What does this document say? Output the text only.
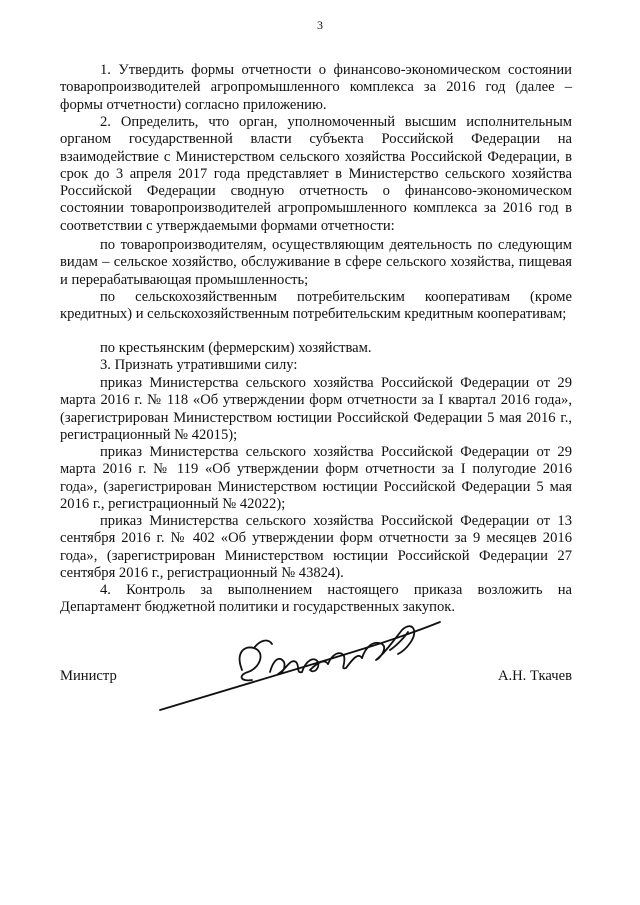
3
1. Утвердить формы отчетности о финансово-экономическом состоянии товаропроизводителей агропромышленного комплекса за 2016 год (далее – формы отчетности) согласно приложению.
2. Определить, что орган, уполномоченный высшим исполнительным органом государственной власти субъекта Российской Федерации на взаимодействие с Министерством сельского хозяйства Российской Федерации, в срок до 3 апреля 2017 года представляет в Министерство сельского хозяйства Российской Федерации сводную отчетность о финансово-экономическом состоянии товаропроизводителей агропромышленного комплекса за 2016 год в соответствии с утверждаемыми формами отчетности:
по товаропроизводителям, осуществляющим деятельность по следующим видам – сельское хозяйство, обслуживание в сфере сельского хозяйства, пищевая и перерабатывающая промышленность;
по сельскохозяйственным потребительским кооперативам (кроме кредитных) и сельскохозяйственным потребительским кредитным кооперативам;
по крестьянским (фермерским) хозяйствам.
3. Признать утратившими силу:
приказ Министерства сельского хозяйства Российской Федерации от 29 марта 2016 г. № 118 «Об утверждении форм отчетности за I квартал 2016 года», (зарегистрирован Министерством юстиции Российской Федерации 5 мая 2016 г., регистрационный № 42015);
приказ Министерства сельского хозяйства Российской Федерации от 29 марта 2016 г. № 119 «Об утверждении форм отчетности за I полугодие 2016 года», (зарегистрирован Министерством юстиции Российской Федерации 5 мая 2016 г., регистрационный № 42022);
приказ Министерства сельского хозяйства Российской Федерации от 13 сентября 2016 г. № 402 «Об утверждении форм отчетности за 9 месяцев 2016 года», (зарегистрирован Министерством юстиции Российской Федерации 27 сентября 2016 г., регистрационный № 43824).
4. Контроль за выполнением настоящего приказа возложить на Департамент бюджетной политики и государственных закупок.
Министр	А.Н. Ткачев
